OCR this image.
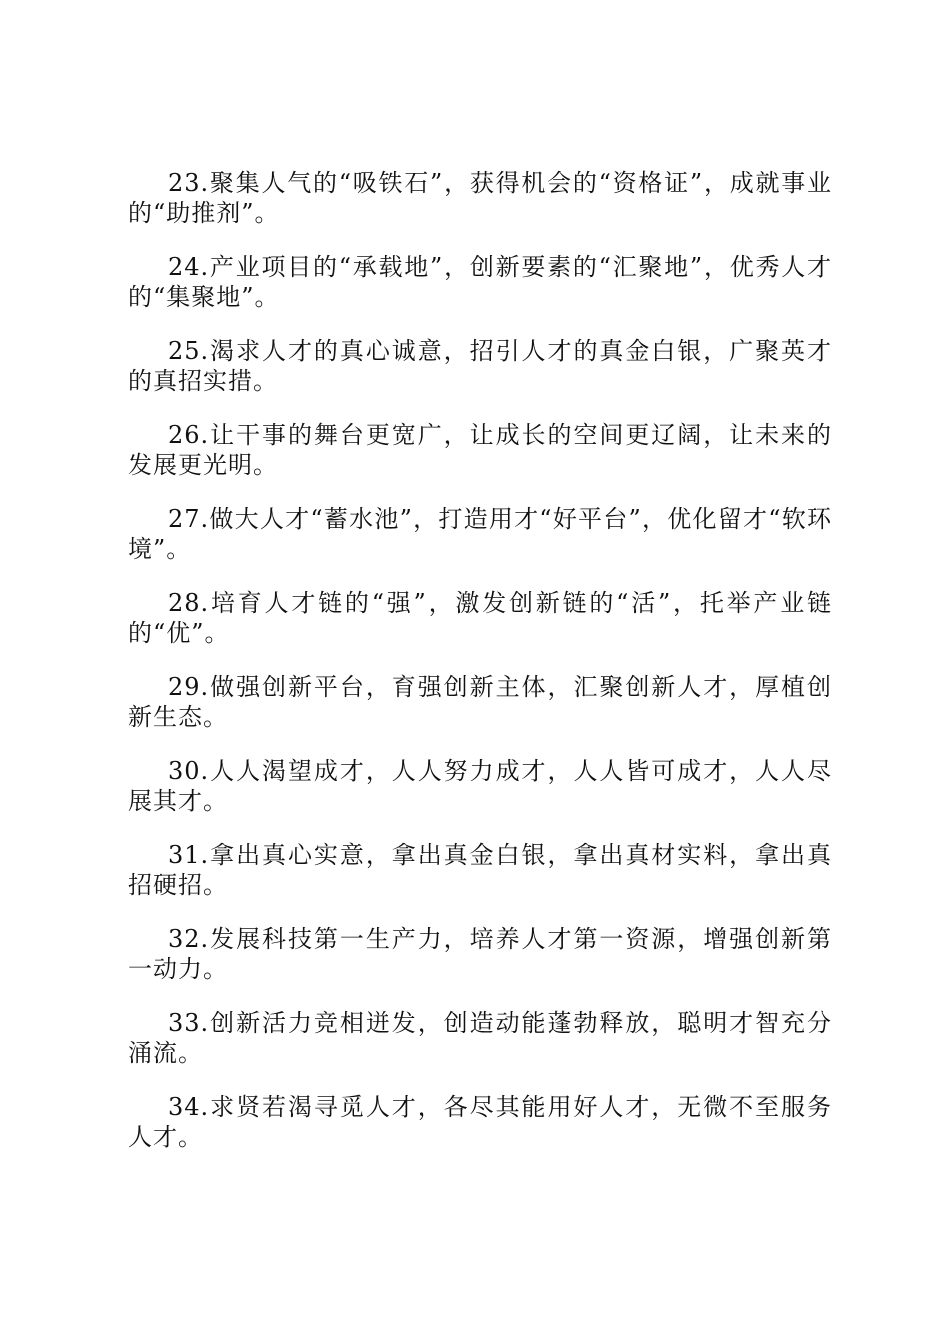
23.聚集人气的“吸铁石”，获得机会的“资格证”，成就事业的“助推剂”。

24.产业项目的“承载地”，创新要素的“汇聚地”，优秀人才的“集聚地”。

25.渴求人才的真心诚意，招引人才的真金白银，广聚英才的真招实措。

26.让干事的舞台更宽广，让成长的空间更辽阔，让未来的发展更光明。

27.做大人才“蓄水池”，打造用才“好平台”，优化留才“软环境”。

28.培育人才链的“强”，激发创新链的“活”，托举产业链的“优”。

29.做强创新平台，育强创新主体，汇聚创新人才，厚植创新生态。

30.人人渴望成才，人人努力成才，人人皆可成才，人人尽展其才。

31.拿出真心实意，拿出真金白银，拿出真材实料，拿出真招硬招。

32.发展科技第一生产力，培养人才第一资源，增强创新第一动力。

33.创新活力竞相迸发，创造动能蓬勃释放，聪明才智充分涌流。

34.求贤若渴寻觅人才，各尽其能用好人才，无微不至服务人才。
